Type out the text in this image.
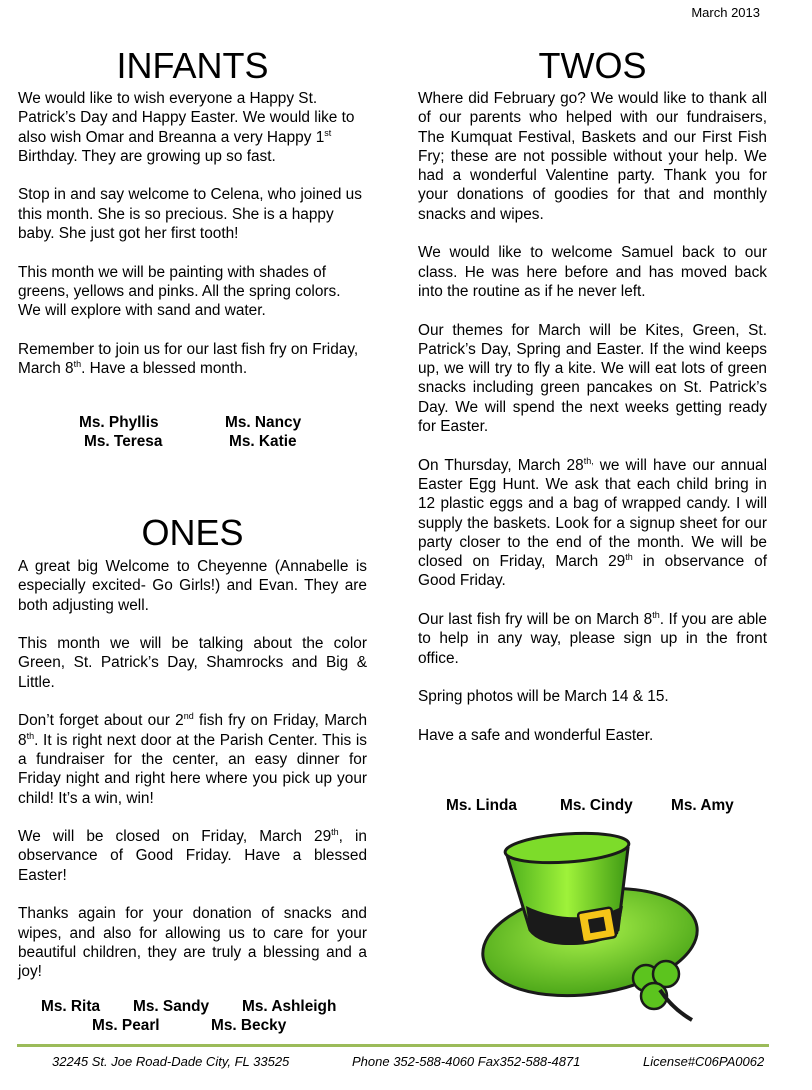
March 2013
INFANTS

We would like to wish everyone a Happy St. Patrick’s Day and Happy Easter. We would like to also wish Omar and Breanna a very Happy 1st Birthday. They are growing up so fast.

Stop in and say welcome to Celena, who joined us this month. She is so precious. She is a happy baby. She just got her first tooth!

This month we will be painting with shades of greens, yellows and pinks. All the spring colors. We will explore with sand and water.

Remember to join us for our last fish fry on Friday, March 8th. Have a blessed month.

Ms. Phyllis	Ms. Nancy
Ms. Teresa	Ms. Katie
ONES

A great big Welcome to Cheyenne (Annabelle is especially excited- Go Girls!) and Evan. They are both adjusting well.

This month we will be talking about the color Green, St. Patrick’s Day, Shamrocks and Big & Little.

Don’t forget about our 2nd fish fry on Friday, March 8th. It is right next door at the Parish Center. This is a fundraiser for the center, an easy dinner for Friday night and right here where you pick up your child! It’s a win, win!

We will be closed on Friday, March 29th, in observance of Good Friday. Have a blessed Easter!

Thanks again for your donation of snacks and wipes, and also for allowing us to care for your beautiful children, they are truly a blessing and a joy!

Ms. Rita Ms. Sandy Ms. Ashleigh
Ms. Pearl	Ms. Becky
TWOS

Where did February go? We would like to thank all of our parents who helped with our fundraisers, The Kumquat Festival, Baskets and our First Fish Fry; these are not possible without your help. We had a wonderful Valentine party. Thank you for your donations of goodies for that and monthly snacks and wipes.

We would like to welcome Samuel back to our class. He was here before and has moved back into the routine as if he never left.

Our themes for March will be Kites, Green, St. Patrick’s Day, Spring and Easter. If the wind keeps up, we will try to fly a kite. We will eat lots of green snacks including green pancakes on St. Patrick’s Day. We will spend the next weeks getting ready for Easter.

On Thursday, March $28^{th,}$ we will have our annual Easter Egg Hunt. We ask that each child bring in 12 plastic eggs and a bag of wrapped candy. I will supply the baskets. Look for a signup sheet for our party closer to the end of the month. We will be closed on Friday, March 29th in observance of Good Friday.

Our last fish fry will be on March 8th. If you are able to help in any way, please sign up in the front office.

Spring photos will be March 14 & 15.

Have a safe and wonderful Easter.

Ms. Linda	Ms. Cindy Ms. Amy
32245 St. Joe Road-Dade City, FL 33525	Phone 352-588-4060 Fax352-588-4871	License#C06PA0062
